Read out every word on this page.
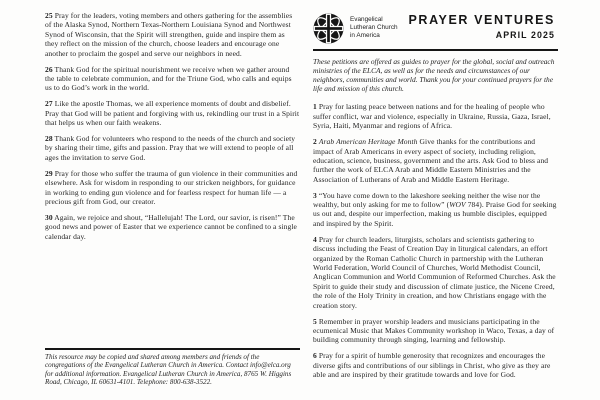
25 Pray for the leaders, voting members and others gathering for the assemblies of the Alaska Synod, Northern Texas-Northern Louisiana Synod and Northwest Synod of Wisconsin, that the Spirit will strengthen, guide and inspire them as they reflect on the mission of the church, choose leaders and encourage one another to proclaim the gospel and serve our neighbors in need.

26 Thank God for the spiritual nourishment we receive when we gather around the table to celebrate communion, and for the Triune God, who calls and equips us to do God’s work in the world.

27 Like the apostle Thomas, we all experience moments of doubt and disbelief. Pray that God will be patient and forgiving with us, rekindling our trust in a Spirit that helps us when our faith weakens.

28 Thank God for volunteers who respond to the needs of the church and society by sharing their time, gifts and passion. Pray that we will extend to people of all ages the invitation to serve God.

29 Pray for those who suffer the trauma of gun violence in their communities and elsewhere. Ask for wisdom in responding to our stricken neighbors, for guidance in working to ending gun violence and for fearless respect for human life — a precious gift from God, our creator.

30 Again, we rejoice and shout, “Hallelujah! The Lord, our savior, is risen!” The good news and power of Easter that we experience cannot be confined to a single calendar day.

This resource may be copied and shared among members and friends of the congregations of the Evangelical Lutheran Church in America. Contact info@elca.org for additional information. Evangelical Lutheran Church in America, 8765 W. Higgins Road, Chicago, IL 60631-4101. Telephone: 800-638-3522.

Evangelical
Lutheran Church
in America
PRAYER VENTURES
APRIL 2025

These petitions are offered as guides to prayer for the global, social and outreach ministries of the ELCA, as well as for the needs and circumstances of our neighbors, communities and world. Thank you for your continued prayers for the life and mission of this church.

1 Pray for lasting peace between nations and for the healing of people who suffer conflict, war and violence, especially in Ukraine, Russia, Gaza, Israel, Syria, Haiti, Myanmar and regions of Africa.

2 Arab American Heritage Month Give thanks for the contributions and impact of Arab Americans in every aspect of society, including religion, education, science, business, government and the arts. Ask God to bless and further the work of ELCA Arab and Middle Eastern Ministries and the Association of Lutherans of Arab and Middle Eastern Heritage.

3 “You have come down to the lakeshore seeking neither the wise nor the wealthy, but only asking for me to follow” (WOV 784). Praise God for seeking us out and, despite our imperfection, making us humble disciples, equipped and inspired by the Spirit.

4 Pray for church leaders, liturgists, scholars and scientists gathering to discuss including the Feast of Creation Day in liturgical calendars, an effort organized by the Roman Catholic Church in partnership with the Lutheran World Federation, World Council of Churches, World Methodist Council, Anglican Communion and World Communion of Reformed Churches. Ask the Spirit to guide their study and discussion of climate justice, the Nicene Creed, the role of the Holy Trinity in creation, and how Christians engage with the creation story.

5 Remember in prayer worship leaders and musicians participating in the ecumenical Music that Makes Community workshop in Waco, Texas, a day of building community through singing, learning and fellowship.

6 Pray for a spirit of humble generosity that recognizes and encourages the diverse gifts and contributions of our siblings in Christ, who give as they are able and are inspired by their gratitude towards and love for God.
